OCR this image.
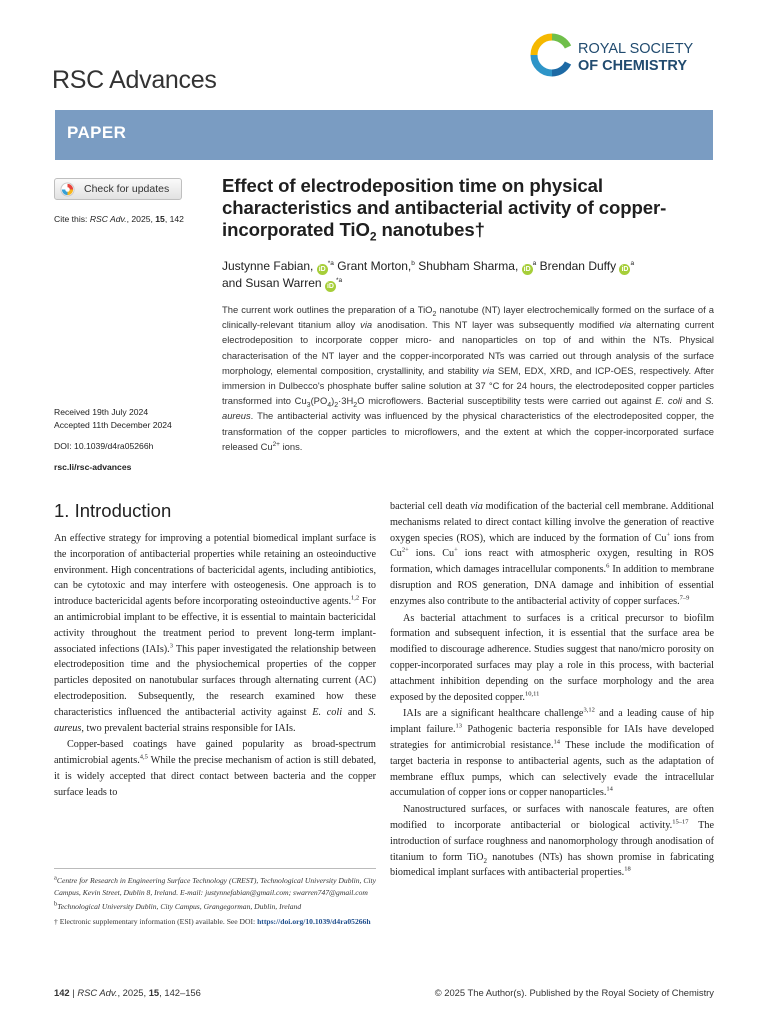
RSC Advances
ROYAL SOCIETY
OF CHEMISTRY
PAPER
Check for updates
Cite this: RSC Adv., 2025, 15, 142
Received 19th July 2024
Accepted 11th December 2024
DOI: 10.1039/d4ra05266h
rsc.li/rsc-advances
Effect of electrodeposition time on physical characteristics and antibacterial activity of copper-incorporated TiO$_2$ nanotubes†
Justynne Fabian, $iD^{*a}$ Grant Morton,$^b$ Shubham Sharma, $iD^a$ Brendan Duffy $iD^a$
and Susan Warren $iD^{*a}$
The current work outlines the preparation of a TiO$_2$ nanotube (NT) layer electrochemically formed on the surface of a clinically-relevant titanium alloy via anodisation. This NT layer was subsequently modified via alternating current electrodeposition to incorporate copper micro- and nanoparticles on top of and within the NTs. Physical characterisation of the NT layer and the copper-incorporated NTs was carried out through analysis of the surface morphology, elemental composition, crystallinity, and stability via SEM, EDX, XRD, and ICP-OES, respectively. After immersion in Dulbecco's phosphate buffer saline solution at 37 °C for 24 hours, the electrodeposited copper particles transformed into $Cu_3(PO_4)_2\cdot 3H_2O$ microflowers. Bacterial susceptibility tests were carried out against E. coli and S. aureus. The antibacterial activity was influenced by the physical characteristics of the electrodeposited copper, the transformation of the copper particles to microflowers, and the extent at which the copper-incorporated surface released $Cu^{2+}$ ions.
1. Introduction

An effective strategy for improving a potential biomedical implant surface is the incorporation of antibacterial properties while retaining an osteoinductive environment. High concentrations of bactericidal agents, including antibiotics, can be cytotoxic and may interfere with osteogenesis. One approach is to introduce bactericidal agents before incorporating osteoinductive agents.$^{1,2}$ For an antimicrobial implant to be effective, it is essential to maintain bactericidal activity throughout the treatment period to prevent long-term implant-associated infections (IAIs).$^3$ This paper investigated the relationship between electrodeposition time and the physiochemical properties of the copper particles deposited on nanotubular surfaces through alternating current (AC) electrodeposition. Subsequently, the research examined how these characteristics influenced the antibacterial activity against E. coli and S. aureus, two prevalent bacterial strains responsible for IAIs.

Copper-based coatings have gained popularity as broad-spectrum antimicrobial agents.$^{4,5}$ While the precise mechanism of action is still debated, it is widely accepted that direct contact between bacteria and the copper surface leads to

bacterial cell death via modification of the bacterial cell membrane. Additional mechanisms related to direct contact killing involve the generation of reactive oxygen species (ROS), which are induced by the formation of Cu+ ions from $Cu^{2+}$ ions. Cu+ ions react with atmospheric oxygen, resulting in ROS formation, which damages intracellular components.$^6$ In addition to membrane disruption and ROS generation, DNA damage and inhibition of essential enzymes also contribute to the antibacterial activity of copper surfaces.$^{7-9}$

As bacterial attachment to surfaces is a critical precursor to biofilm formation and subsequent infection, it is essential that the surface area be modified to discourage adherence. Studies suggest that nano/micro porosity on copper-incorporated surfaces may play a role in this process, with bacterial attachment inhibition depending on the surface morphology and the area exposed by the deposited copper.$^{10,11}$

IAIs are a significant healthcare challenge$^{3,12}$ and a leading cause of hip implant failure.$^{13}$ Pathogenic bacteria responsible for IAIs have developed strategies for antimicrobial resistance.$^{14}$ These include the modification of target bacteria in response to antibacterial agents, such as the adaptation of membrane efflux pumps, which can selectively evade the intracellular accumulation of copper ions or copper nanoparticles.$^{14}$

Nanostructured surfaces, or surfaces with nanoscale features, are often modified to incorporate antibacterial or biological activity.$^{15-17}$ The introduction of surface roughness and nanomorphology through anodisation of titanium to form TiO$_2$ nanotubes (NTs) has shown promise in fabricating biomedical implant surfaces with antibacterial properties.$^{18}$

$^a$Centre for Research in Engineering Surface Technology (CREST), Technological University Dublin, City Campus, Kevin Street, Dublin 8, Ireland. E-mail: justynnefabian@gmail.com; swarren747@gmail.com

$^b$Technological University Dublin, City Campus, Grangegorman, Dublin, Ireland

† Electronic supplementary information (ESI) available. See DOI: https://doi.org/10.1039/d4ra05266h

142 | RSC Adv., 2025, 15, 142–156	© 2025 The Author(s). Published by the Royal Society of Chemistry
